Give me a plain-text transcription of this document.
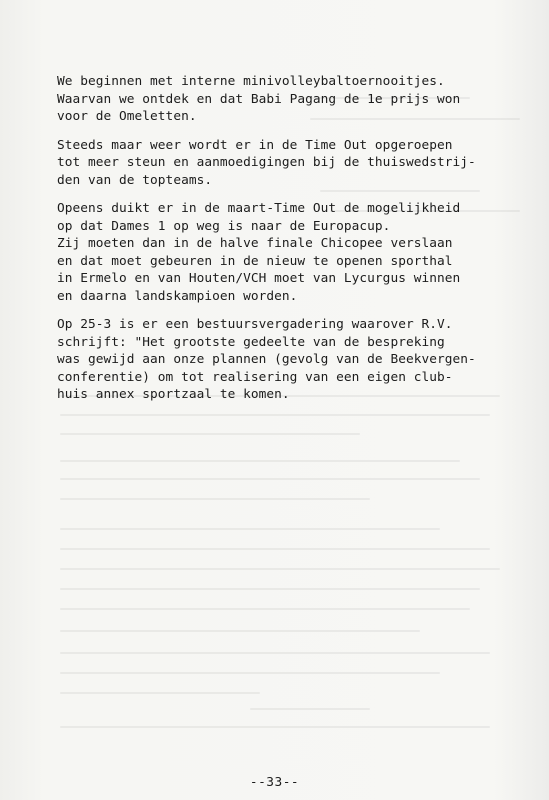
We beginnen met interne minivolleybaltoernooitjes.
Waarvan we ontdek en dat Babi Pagang de 1e prijs won
voor de Omeletten.

Steeds maar weer wordt er in de Time Out opgeroepen
tot meer steun en aanmoedigingen bij de thuiswedstrij-
den van de topteams.

Opeens duikt er in de maart-Time Out de mogelijkheid
op dat Dames 1 op weg is naar de Europacup.
Zij moeten dan in de halve finale Chicopee verslaan
en dat moet gebeuren in de nieuw te openen sporthal
in Ermelo en van Houten/VCH moet van Lycurgus winnen
en daarna landskampioen worden.

Op 25-3 is er een bestuursvergadering waarover R.V.
schrijft: "Het grootste gedeelte van de bespreking
was gewijd aan onze plannen (gevolg van de Beekvergen-
conferentie) om tot realisering van een eigen club-
huis annex sportzaal te komen.

--33--
